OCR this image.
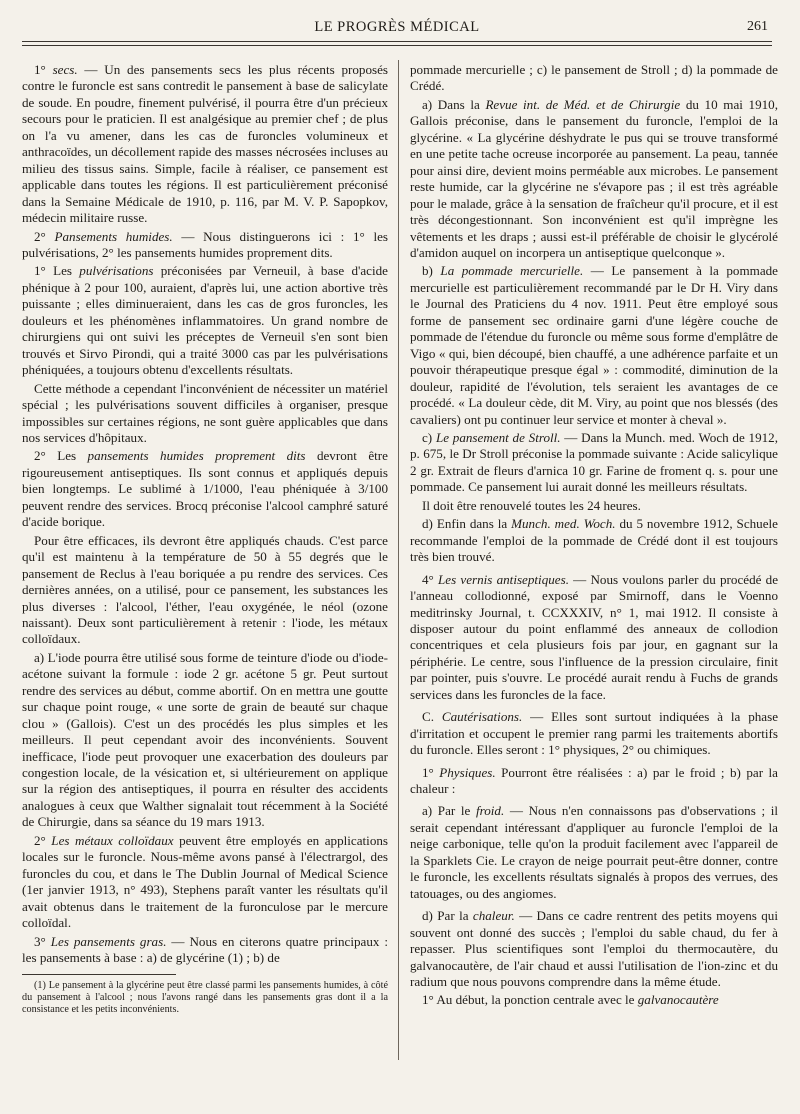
LE PROGRÈS MÉDICAL	261

1° secs. — Un des pansements secs les plus récents proposés contre le furoncle est sans contredit le pansement à base de salicylate de soude. En poudre, finement pulvérisé, il pourra être d'un précieux secours pour le praticien. Il est analgésique au premier chef ; de plus on l'a vu amener, dans les cas de furoncles volumineux et anthracoïdes, un décollement rapide des masses nécrosées incluses au milieu des tissus sains. Simple, facile à réaliser, ce pansement est applicable dans toutes les régions. Il est particulièrement préconisé dans la Semaine Médicale de 1910, p. 116, par M. V. P. Sapopkov, médecin militaire russe.

2° Pansements humides. — Nous distinguerons ici : 1° les pulvérisations, 2° les pansements humides proprement dits.

1° Les pulvérisations préconisées par Verneuil, à base d'acide phénique à 2 pour 100, auraient, d'après lui, une action abortive très puissante ; elles diminueraient, dans les cas de gros furoncles, les douleurs et les phénomènes inflammatoires. Un grand nombre de chirurgiens qui ont suivi les préceptes de Verneuil s'en sont bien trouvés et Sirvo Pirondi, qui a traité 3000 cas par les pulvérisations phéniquées, a toujours obtenu d'excellents résultats.

Cette méthode a cependant l'inconvénient de nécessiter un matériel spécial ; les pulvérisations souvent difficiles à organiser, presque impossibles sur certaines régions, ne sont guère applicables que dans nos services d'hôpitaux.

2° Les pansements humides proprement dits devront être rigoureusement antiseptiques. Ils sont connus et appliqués depuis bien longtemps. Le sublimé à 1/1000, l'eau phéniquée à 3/100 peuvent rendre des services. Brocq préconise l'alcool camphré saturé d'acide borique.

Pour être efficaces, ils devront être appliqués chauds. C'est parce qu'il est maintenu à la température de 50 à 55 degrés que le pansement de Reclus à l'eau boriquée a pu rendre des services. Ces dernières années, on a utilisé, pour ce pansement, les substances les plus diverses : l'alcool, l'éther, l'eau oxygénée, le néol (ozone naissant). Deux sont particulièrement à retenir : l'iode, les métaux colloïdaux.

a) L'iode pourra être utilisé sous forme de teinture d'iode ou d'iode-acétone suivant la formule : iode 2 gr. acétone 5 gr. Peut surtout rendre des services au début, comme abortif. On en mettra une goutte sur chaque point rouge, « une sorte de grain de beauté sur chaque clou » (Gallois). C'est un des procédés les plus simples et les meilleurs. Il peut cependant avoir des inconvénients. Souvent inefficace, l'iode peut provoquer une exacerbation des douleurs par congestion locale, de la vésication et, si ultérieurement on applique sur la région des antiseptiques, il pourra en résulter des accidents analogues à ceux que Walther signalait tout récemment à la Société de Chirurgie, dans sa séance du 19 mars 1913.

2° Les métaux colloïdaux peuvent être employés en applications locales sur le furoncle. Nous-même avons pansé à l'électrargol, des furoncles du cou, et dans le The Dublin Journal of Medical Science (1er janvier 1913, n° 493), Stephens paraît vanter les résultats qu'il avait obtenus dans le traitement de la furonculose par le mercure colloïdal.

3° Les pansements gras. — Nous en citerons quatre principaux : les pansements à base : a) de glycérine (1) ; b) de

(1) Le pansement à la glycérine peut être classé parmi les pansements humides, à côté du pansement à l'alcool ; nous l'avons rangé dans les pansements gras dont il a la consistance et les petits inconvénients.

pommade mercurielle ; c) le pansement de Stroll ; d) la pommade de Crédé.

a) Dans la Revue int. de Méd. et de Chirurgie du 10 mai 1910, Gallois préconise, dans le pansement du furoncle, l'emploi de la glycérine. « La glycérine déshydrate le pus qui se trouve transformé en une petite tache ocreuse incorporée au pansement. La peau, tannée pour ainsi dire, devient moins perméable aux microbes. Le pansement reste humide, car la glycérine ne s'évapore pas ; il est très agréable pour le malade, grâce à la sensation de fraîcheur qu'il procure, et il est très décongestionnant. Son inconvénient est qu'il imprègne les vêtements et les draps ; aussi est-il préférable de choisir le glycérolé d'amidon auquel on incorpera un antiseptique quelconque ».

b) La pommade mercurielle. — Le pansement à la pommade mercurielle est particulièrement recommandé par le Dr H. Viry dans le Journal des Praticiens du 4 nov. 1911. Peut être employé sous forme de pansement sec ordinaire garni d'une légère couche de pommade de l'étendue du furoncle ou même sous forme d'emplâtre de Vigo « qui, bien découpé, bien chauffé, a une adhérence parfaite et un pouvoir thérapeutique presque égal » : commodité, diminution de la douleur, rapidité de l'évolution, tels seraient les avantages de ce procédé. « La douleur cède, dit M. Viry, au point que nos blessés (des cavaliers) ont pu continuer leur service et monter à cheval ».

c) Le pansement de Stroll. — Dans la Munch. med. Woch de 1912, p. 675, le Dr Stroll préconise la pommade suivante : Acide salicylique 2 gr. Extrait de fleurs d'arnica 10 gr. Farine de froment q. s. pour une pommade. Ce pansement lui aurait donné les meilleurs résultats.

Il doit être renouvelé toutes les 24 heures.

d) Enfin dans la Munch. med. Woch. du 5 novembre 1912, Schuele recommande l'emploi de la pommade de Crédé dont il est toujours très bien trouvé.

4° Les vernis antiseptiques. — Nous voulons parler du procédé de l'anneau collodionné, exposé par Smirnoff, dans le Voenno meditrinsky Journal, t. CCXXXIV, n° 1, mai 1912. Il consiste à disposer autour du point enflammé des anneaux de collodion concentriques et cela plusieurs fois par jour, en gagnant sur la périphérie. Le centre, sous l'influence de la pression circulaire, finit par pointer, puis s'ouvre. Le procédé aurait rendu à Fuchs de grands services dans les furoncles de la face.

C. Cautérisations. — Elles sont surtout indiquées à la phase d'irritation et occupent le premier rang parmi les traitements abortifs du furoncle. Elles seront : 1° physiques, 2° ou chimiques.

1° Physiques. Pourront être réalisées : a) par le froid ; b) par la chaleur :

a) Par le froid. — Nous n'en connaissons pas d'observations ; il serait cependant intéressant d'appliquer au furoncle l'emploi de la neige carbonique, telle qu'on la produit facilement avec l'appareil de la Sparklets Cie. Le crayon de neige pourrait peut-être donner, contre le furoncle, les excellents résultats signalés à propos des verrues, des tatouages, ou des angiomes.

d) Par la chaleur. — Dans ce cadre rentrent des petits moyens qui souvent ont donné des succès ; l'emploi du sable chaud, du fer à repasser. Plus scientifiques sont l'emploi du thermocautère, du galvanocautère, de l'air chaud et aussi l'utilisation de l'ion-zinc et du radium que nous pouvons comprendre dans la même étude.

1° Au début, la ponction centrale avec le galvanocautère
